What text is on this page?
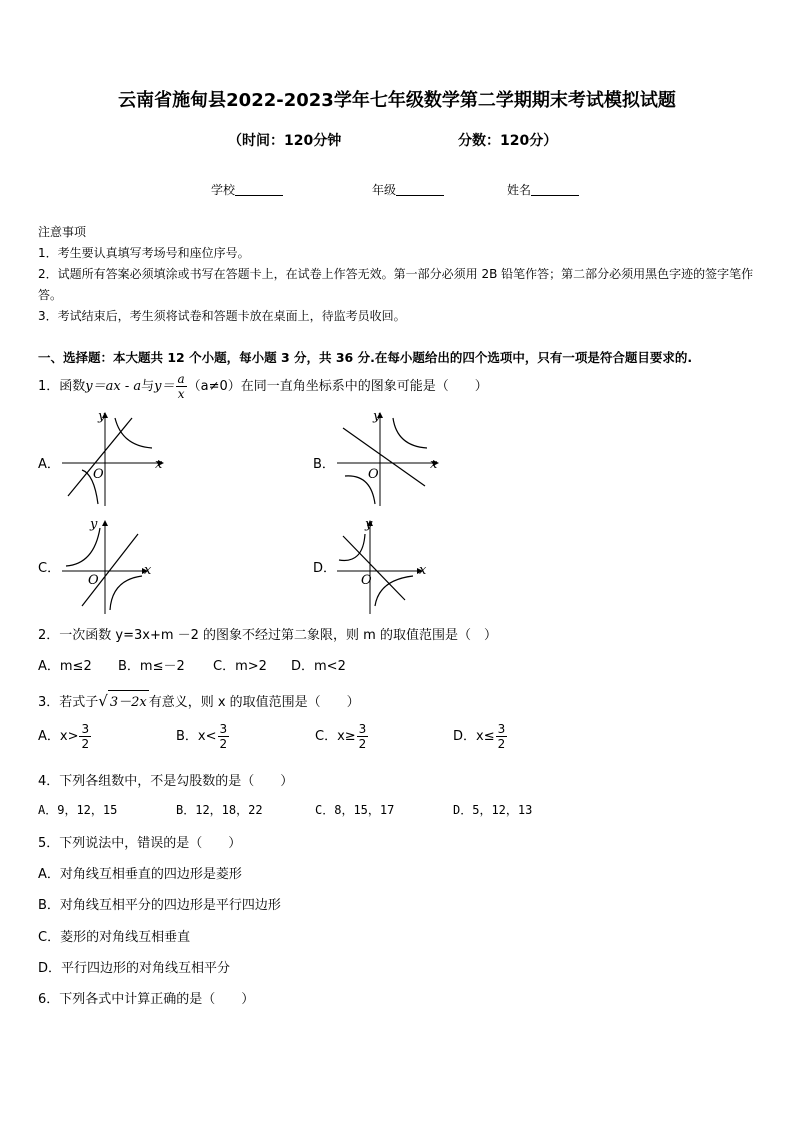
云南省施甸县2022-2023学年七年级数学第二学期期末考试模拟试题
（时间：120分钟	分数：120分）
学校	年级	姓名
注意事项
1．考生要认真填写考场号和座位序号。
2．试题所有答案必须填涂或书写在答题卡上，在试卷上作答无效。第一部分必须用 2B 铅笔作答；第二部分必须用黑色字迹的签字笔作答。
3．考试结束后，考生须将试卷和答题卡放在桌面上，待监考员收回。
一、选择题：本大题共 12 个小题，每小题 3 分，共 36 分.在每小题给出的四个选项中，只有一项是符合题目要求的.
1．函数y＝ax - a与$y= \frac{a}{x} (a\ne 0)$在同一直角坐标系中的图象可能是（　　）
A．	B．
C．	D．
y
x
O
y
x
O
y
x
O
y
x
O
2．一次函数 y=3x+m －2 的图象不经过第二象限，则 m 的取值范围是（　）
A．m≤2 B．m≤－2 C．m>2 D．m<2
3．若式子√ 3－2x 有意义，则 x 的取值范围是（　　）
A．$x> \frac{3}{2}$	B．$x< \frac{3}{2}$	C．$x\ge \frac{3}{2}$	D．$x\le \frac{3}{2}$
4．下列各组数中，不是勾股数的是（　　）
A．9，12，15	B．12，18，22	C．8，15，17	D．5，12，13
5．下列说法中，错误的是（　　）
A．对角线互相垂直的四边形是菱形
B．对角线互相平分的四边形是平行四边形
C．菱形的对角线互相垂直
D．平行四边形的对角线互相平分
6．下列各式中计算正确的是（　　）
